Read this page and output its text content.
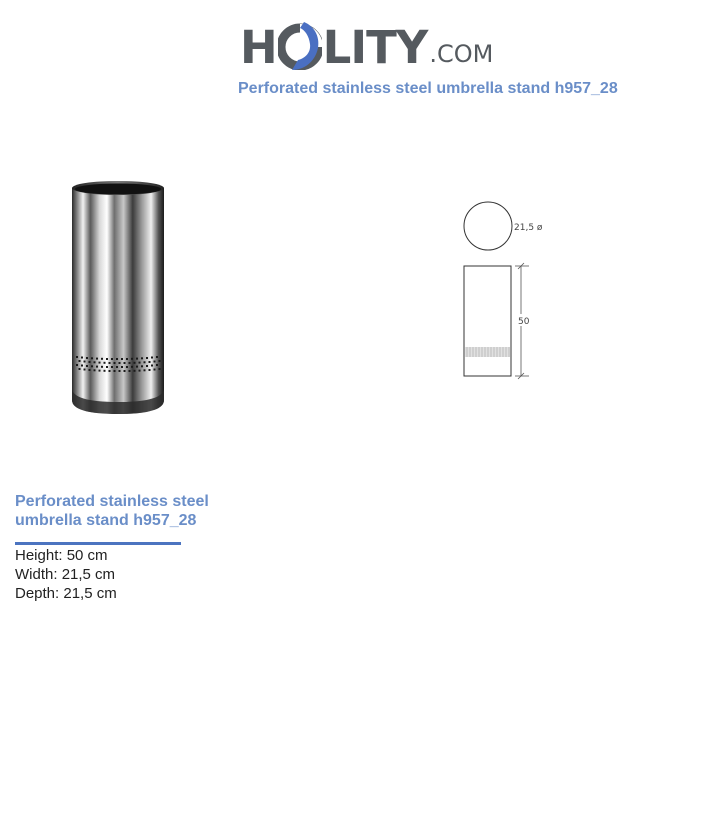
H LITY .COM
Perforated stainless steel umbrella stand h957_28
21,5 ø
50
Perforated stainless steel umbrella stand h957_28
Height: 50 cm
Width: 21,5 cm
Depth: 21,5 cm
